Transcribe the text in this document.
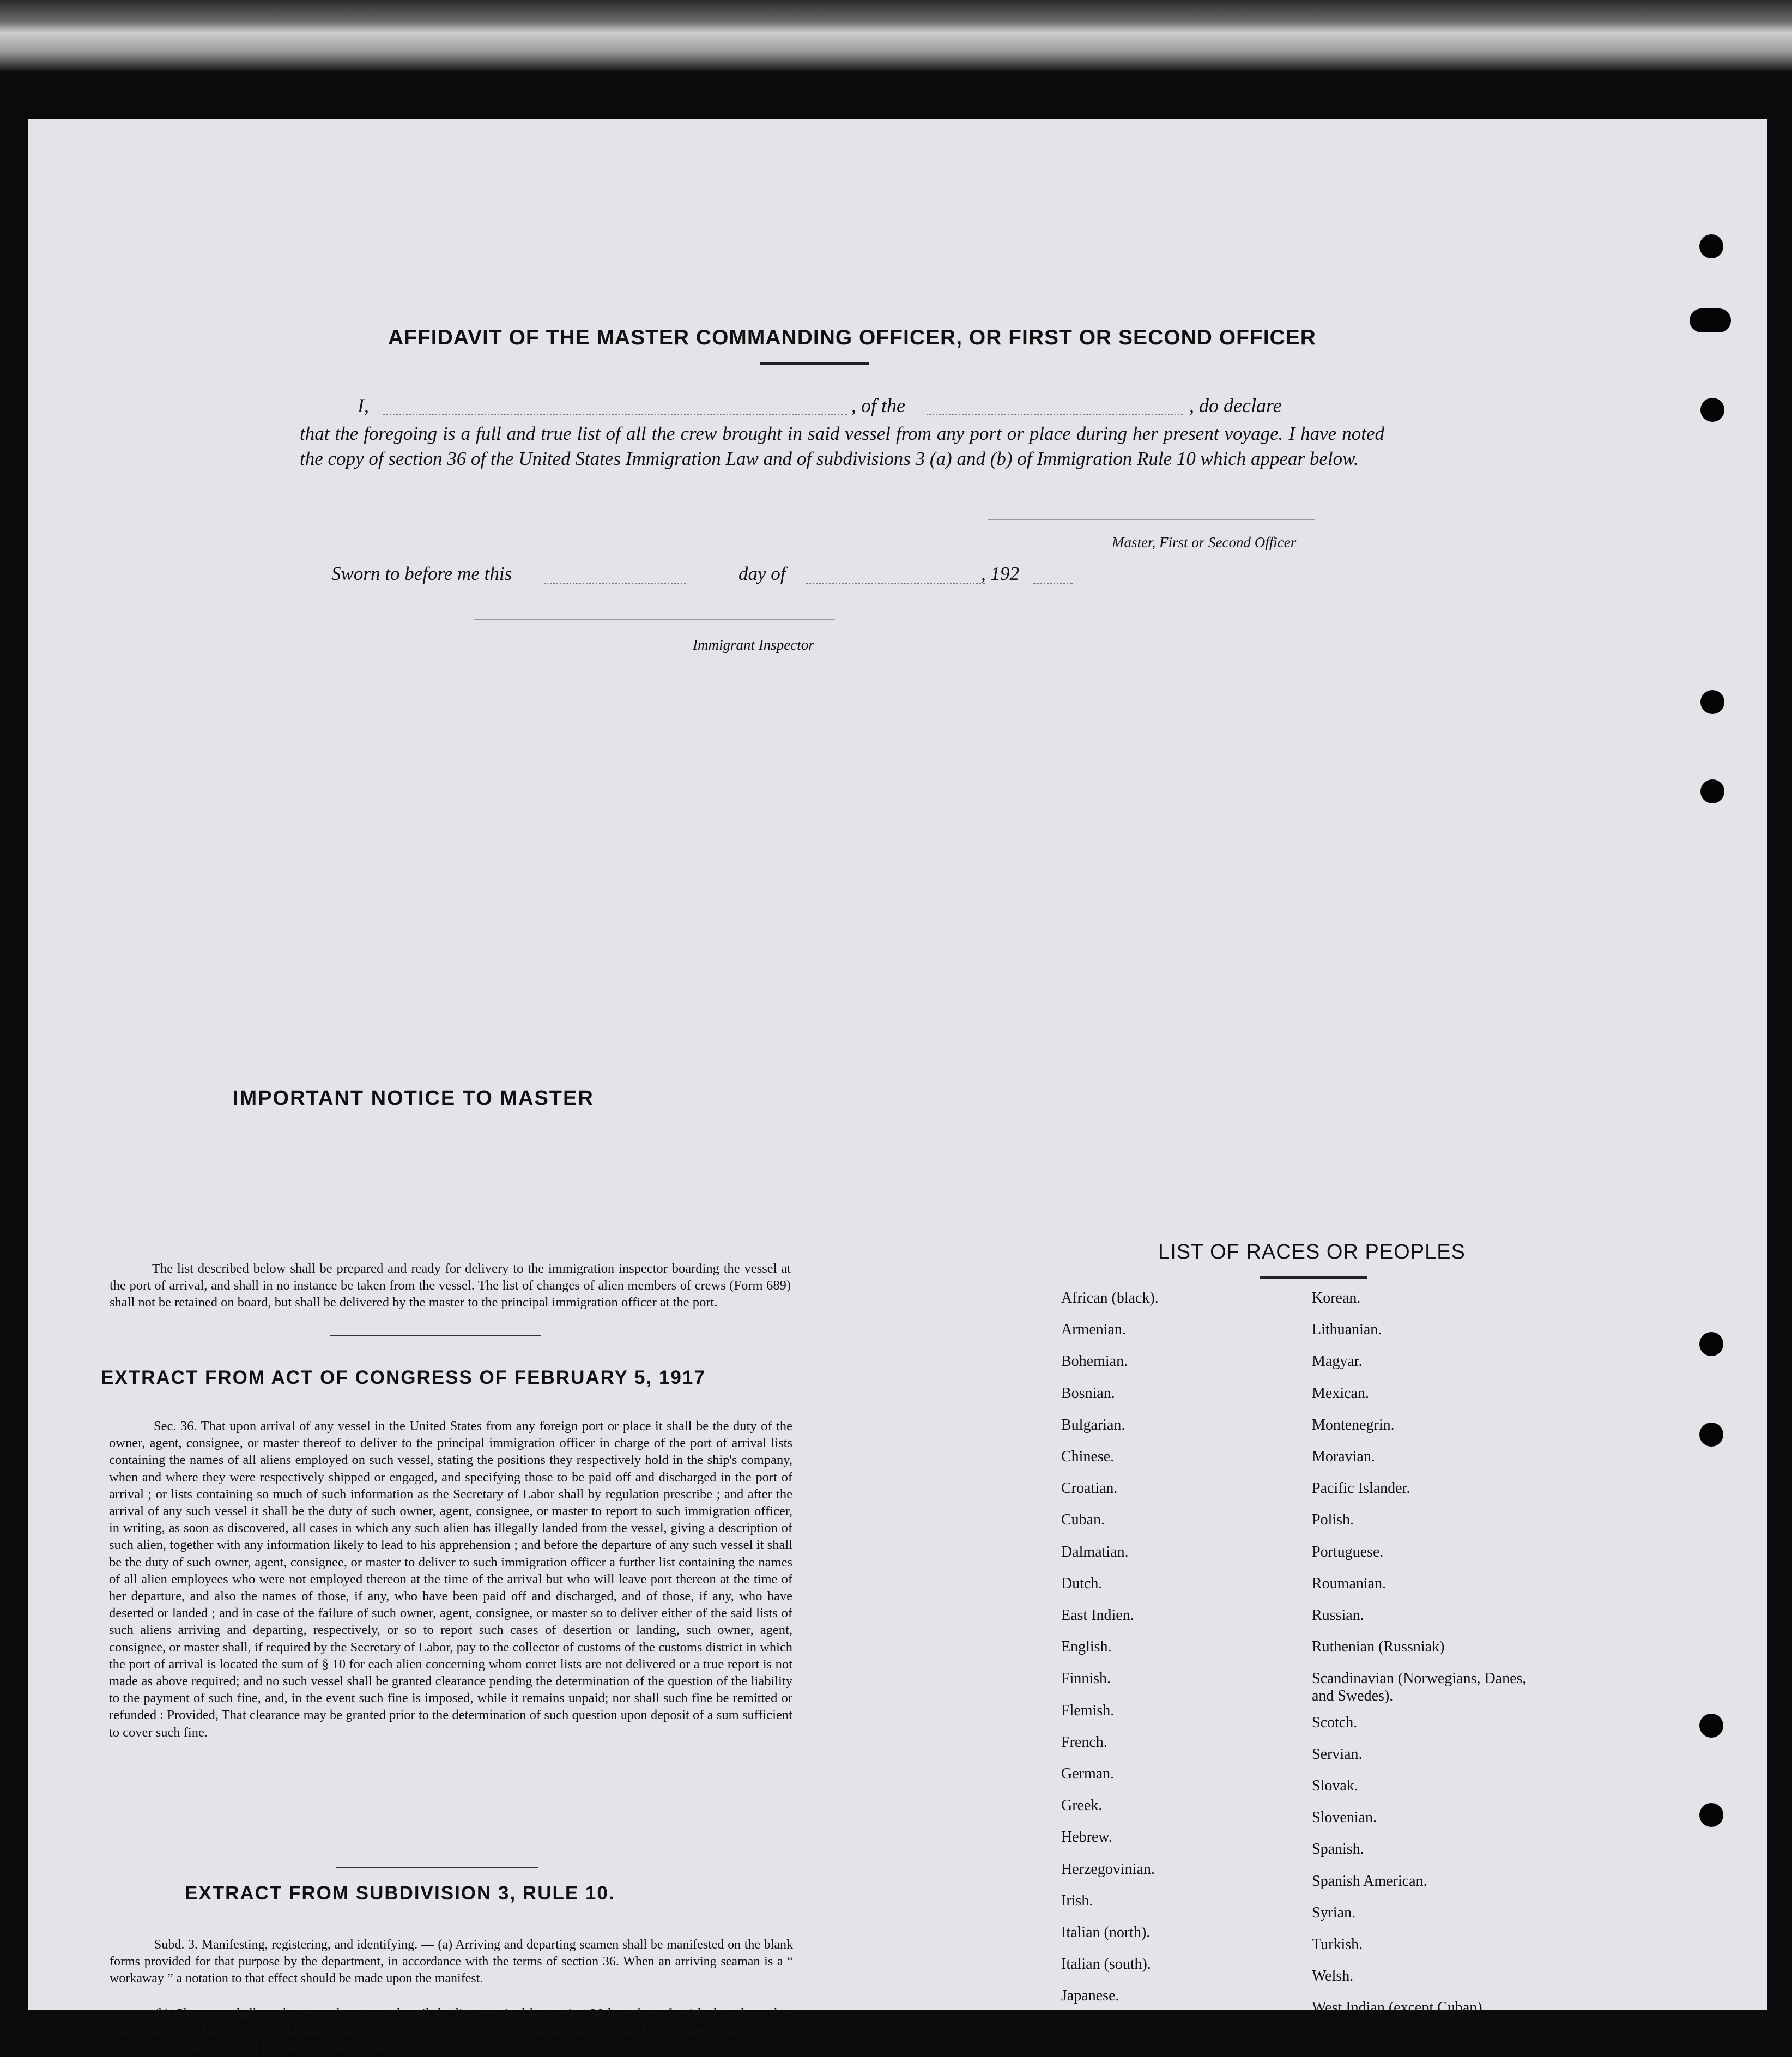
AFFIDAVIT OF THE MASTER COMMANDING OFFICER, OR FIRST OR SECOND OFFICER
I,	, of the	, do declare
that the foregoing is a full and true list of all the crew brought in said vessel from any port or place during her present voyage. I have noted the copy of section 36 of the United States Immigration Law and of subdivisions 3 (a) and (b) of Immigration Rule 10 which appear below.
Master, First or Second Officer
Sworn to before me this	day of	, 192
Immigrant Inspector
IMPORTANT NOTICE TO MASTER
The list described below shall be prepared and ready for delivery to the immigration inspector boarding the vessel at the port of arrival, and shall in no instance be taken from the vessel. The list of changes of alien members of crews (Form 689) shall not be retained on board, but shall be delivered by the master to the principal immigration officer at the port.
EXTRACT FROM ACT OF CONGRESS OF FEBRUARY 5, 1917
Sec. 36. That upon arrival of any vessel in the United States from any foreign port or place it shall be the duty of the owner, agent, consignee, or master thereof to deliver to the principal immigration officer in charge of the port of arrival lists containing the names of all aliens employed on such vessel, stating the positions they respectively hold in the ship's company, when and where they were respectively shipped or engaged, and specifying those to be paid off and discharged in the port of arrival ; or lists containing so much of such information as the Secretary of Labor shall by regulation prescribe ; and after the arrival of any such vessel it shall be the duty of such owner, agent, consignee, or master to report to such immigration officer, in writing, as soon as discovered, all cases in which any such alien has illegally landed from the vessel, giving a description of such alien, together with any information likely to lead to his apprehension ; and before the departure of any such vessel it shall be the duty of such owner, agent, consignee, or master to deliver to such immigration officer a further list containing the names of all alien employees who were not employed thereon at the time of the arrival but who will leave port thereon at the time of her departure, and also the names of those, if any, who have been paid off and discharged, and of those, if any, who have deserted or landed ; and in case of the failure of such owner, agent, consignee, or master so to deliver either of the said lists of such aliens arriving and departing, respectively, or so to report such cases of desertion or landing, such owner, agent, consignee, or master shall, if required by the Secretary of Labor, pay to the collector of customs of the customs district in which the port of arrival is located the sum of § 10 for each alien concerning whom corret lists are not delivered or a true report is not made as above required; and no such vessel shall be granted clearance pending the determination of the question of the liability to the payment of such fine, and, in the event such fine is imposed, while it remains unpaid; nor shall such fine be remitted or refunded : Provided, That clearance may be granted prior to the determination of such question upon deposit of a sum sufficient to cover such fine.
EXTRACT FROM SUBDIVISION 3, RULE 10.
Subd. 3. Manifesting, registering, and identifying. — (a) Arriving and departing seamen shall be manifested on the blank forms provided for that purpose by the department, in accordance with the terms of section 36. When an arriving seaman is a “ workaway ” a notation to that effect should be made upon the manifest.
(b) Clearance shall not be granted any vessel until the lists required by section 36 have been furnished, and not then unless, notice of liability to the administrative fine prescribed by said section or to that prescribed by section 35 having been served, the deposit specified in Rule 28 (subd. 2) has been made.
LIST OF RACES OR PEOPLES
African (black).
Armenian.
Bohemian.
Bosnian.
Bulgarian.
Chinese.
Croatian.
Cuban.
Dalmatian.
Dutch.
East Indien.
English.
Finnish.
Flemish.
French.
German.
Greek.
Hebrew.
Herzegovinian.
Irish.
Italian (north).
Italian (south).
Japanese.
Korean.
Lithuanian.
Magyar.
Mexican.
Montenegrin.
Moravian.
Pacific Islander.
Polish.
Portuguese.
Roumanian.
Russian.
Ruthenian (Russniak)
Scandinavian (Norwegians, Danes, and Swedes).
Scotch.
Servian.
Slovak.
Slovenian.
Spanish.
Spanish American.
Syrian.
Turkish.
Welsh.
West Indian (except Cuban).
